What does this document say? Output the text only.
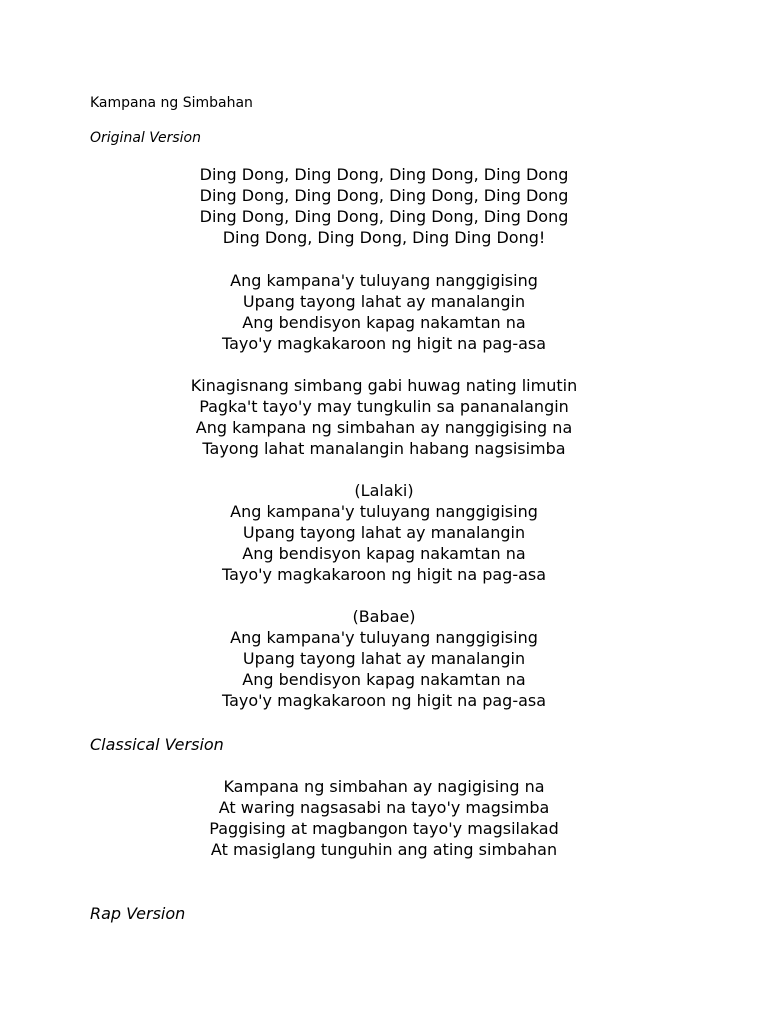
Kampana ng Simbahan
Original Version
Ding Dong, Ding Dong, Ding Dong, Ding Dong
Ding Dong, Ding Dong, Ding Dong, Ding Dong
Ding Dong, Ding Dong, Ding Dong, Ding Dong
Ding Dong, Ding Dong, Ding Ding Dong!
Ang kampana'y tuluyang nanggigising
Upang tayong lahat ay manalangin
Ang bendisyon kapag nakamtan na
Tayo'y magkakaroon ng higit na pag-asa
Kinagisnang simbang gabi huwag nating limutin
Pagka't tayo'y may tungkulin sa pananalangin
Ang kampana ng simbahan ay nanggigising na
Tayong lahat manalangin habang nagsisimba
(Lalaki)
Ang kampana'y tuluyang nanggigising
Upang tayong lahat ay manalangin
Ang bendisyon kapag nakamtan na
Tayo'y magkakaroon ng higit na pag-asa
(Babae)
Ang kampana'y tuluyang nanggigising
Upang tayong lahat ay manalangin
Ang bendisyon kapag nakamtan na
Tayo'y magkakaroon ng higit na pag-asa
Classical Version
Kampana ng simbahan ay nagigising na
At waring nagsasabi na tayo'y magsimba
Paggising at magbangon tayo'y magsilakad
At masiglang tunguhin ang ating simbahan
Rap Version
